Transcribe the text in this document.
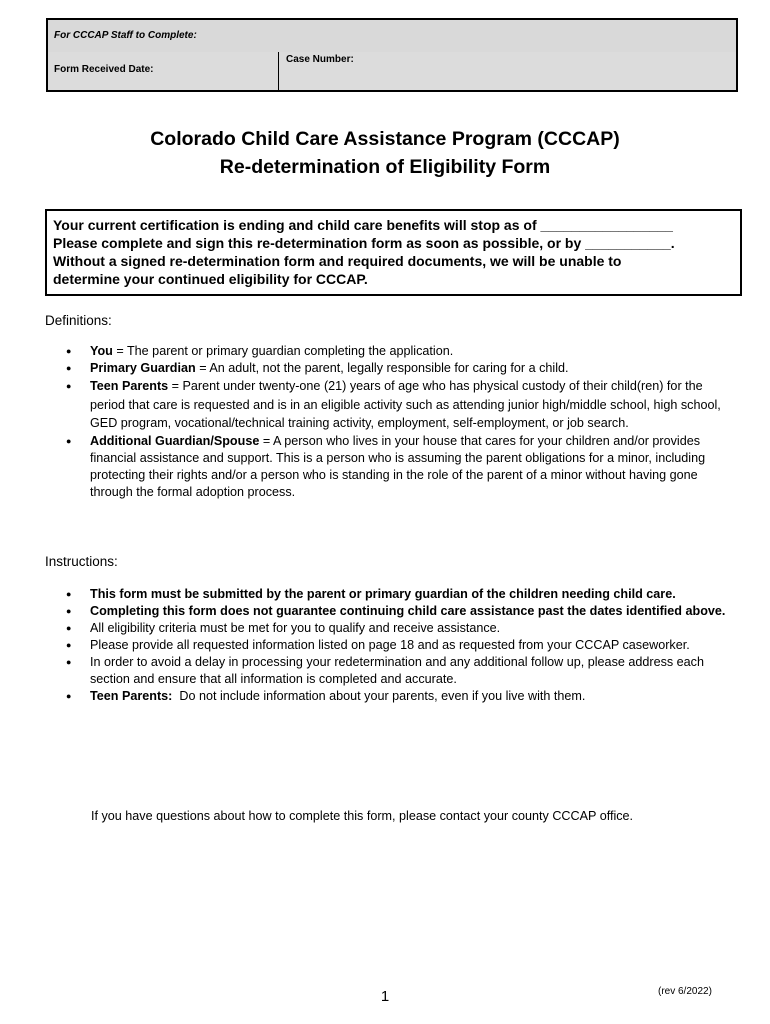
For CCCAP Staff to Complete:
Form Received Date:
Case Number:
Colorado Child Care Assistance Program (CCCAP)
Re-determination of Eligibility Form
Your current certification is ending and child care benefits will stop as of _________________
Please complete and sign this re-determination form as soon as possible, or by ___________.
Without a signed re-determination form and required documents, we will be unable to
determine your continued eligibility for CCCAP.
Definitions:
● You = The parent or primary guardian completing the application.
● Primary Guardian = An adult, not the parent, legally responsible for caring for a child.
● Teen Parents = Parent under twenty-one (21) years of age who has physical custody of their child(ren) for the period that care is requested and is in an eligible activity such as attending junior high/middle school, high school, GED program, vocational/technical training activity, employment, self-employment, or job search.
● Additional Guardian/Spouse = A person who lives in your house that cares for your children and/or provides financial assistance and support. This is a person who is assuming the parent obligations for a minor, including protecting their rights and/or a person who is standing in the role of the parent of a minor without having gone through the formal adoption process.
Instructions:
● This form must be submitted by the parent or primary guardian of the children needing child care.
● Completing this form does not guarantee continuing child care assistance past the dates identified above.
● All eligibility criteria must be met for you to qualify and receive assistance.
● Please provide all requested information listed on page 18 and as requested from your CCCAP caseworker.
● In order to avoid a delay in processing your redetermination and any additional follow up, please address each section and ensure that all information is completed and accurate.
● Teen Parents:  Do not include information about your parents, even if you live with them.
If you have questions about how to complete this form, please contact your county CCCAP office.
1	(rev 6/2022)
